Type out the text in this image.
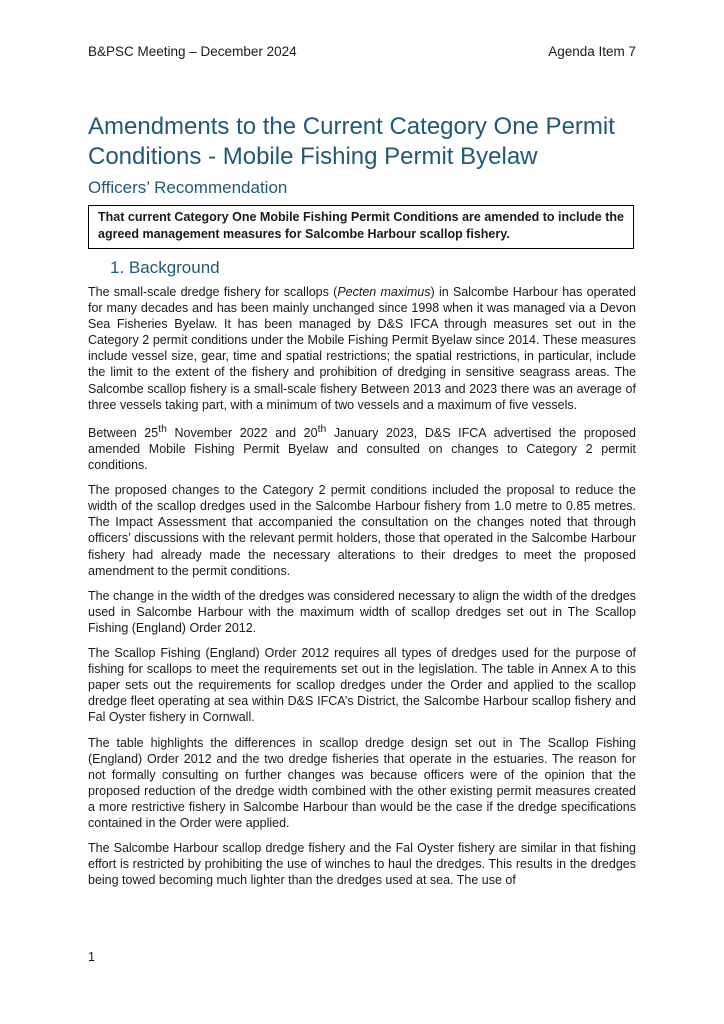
B&PSC Meeting – December 2024	Agenda Item 7
Amendments to the Current Category One Permit Conditions - Mobile Fishing Permit Byelaw
Officers’ Recommendation
That current Category One Mobile Fishing Permit Conditions are amended to include the agreed management measures for Salcombe Harbour scallop fishery.
1. Background

The small-scale dredge fishery for scallops (Pecten maximus) in Salcombe Harbour has operated for many decades and has been mainly unchanged since 1998 when it was managed via a Devon Sea Fisheries Byelaw. It has been managed by D&S IFCA through measures set out in the Category 2 permit conditions under the Mobile Fishing Permit Byelaw since 2014. These measures include vessel size, gear, time and spatial restrictions; the spatial restrictions, in particular, include the limit to the extent of the fishery and prohibition of dredging in sensitive seagrass areas. The Salcombe scallop fishery is a small-scale fishery Between 2013 and 2023 there was an average of three vessels taking part, with a minimum of two vessels and a maximum of five vessels.

Between 25th November 2022 and 20th January 2023, D&S IFCA advertised the proposed amended Mobile Fishing Permit Byelaw and consulted on changes to Category 2 permit conditions.

The proposed changes to the Category 2 permit conditions included the proposal to reduce the width of the scallop dredges used in the Salcombe Harbour fishery from 1.0 metre to 0.85 metres. The Impact Assessment that accompanied the consultation on the changes noted that through officers’ discussions with the relevant permit holders, those that operated in the Salcombe Harbour fishery had already made the necessary alterations to their dredges to meet the proposed amendment to the permit conditions.

The change in the width of the dredges was considered necessary to align the width of the dredges used in Salcombe Harbour with the maximum width of scallop dredges set out in The Scallop Fishing (England) Order 2012.

The Scallop Fishing (England) Order 2012 requires all types of dredges used for the purpose of fishing for scallops to meet the requirements set out in the legislation. The table in Annex A to this paper sets out the requirements for scallop dredges under the Order and applied to the scallop dredge fleet operating at sea within D&S IFCA’s District, the Salcombe Harbour scallop fishery and Fal Oyster fishery in Cornwall.

The table highlights the differences in scallop dredge design set out in The Scallop Fishing (England) Order 2012 and the two dredge fisheries that operate in the estuaries. The reason for not formally consulting on further changes was because officers were of the opinion that the proposed reduction of the dredge width combined with the other existing permit measures created a more restrictive fishery in Salcombe Harbour than would be the case if the dredge specifications contained in the Order were applied.

The Salcombe Harbour scallop dredge fishery and the Fal Oyster fishery are similar in that fishing effort is restricted by prohibiting the use of winches to haul the dredges. This results in the dredges being towed becoming much lighter than the dredges used at sea. The use of

1
